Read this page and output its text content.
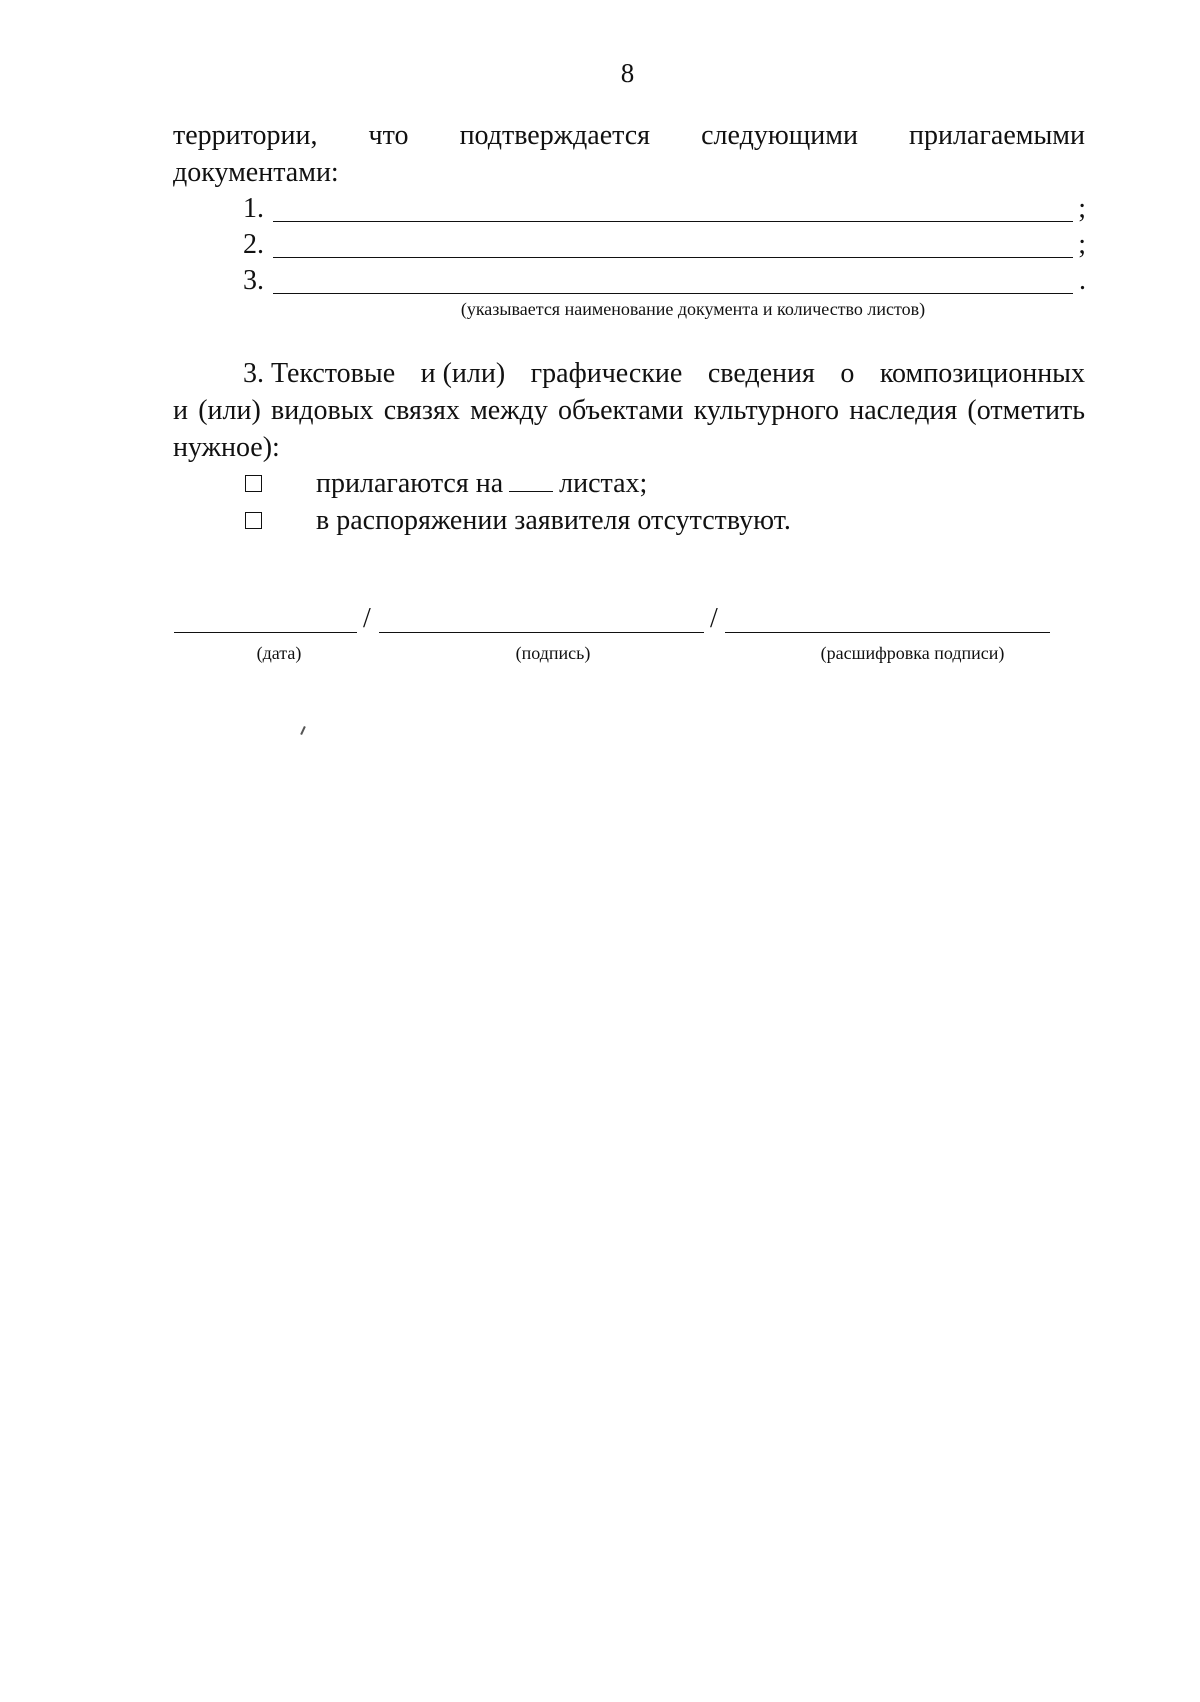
8
территории, что подтверждается следующими прилагаемыми
документами:
1.	;
2.	;
3.	.
(указывается наименование документа и количество листов)
3. Текстовые и (или) графические сведения о композиционных
и (или) видовых связях между объектами культурного наследия (отметить
нужное):
прилагаются на листах;
в распоряжении заявителя отсутствуют.
/	/
(дата)	(подпись)	(расшифровка подписи)
